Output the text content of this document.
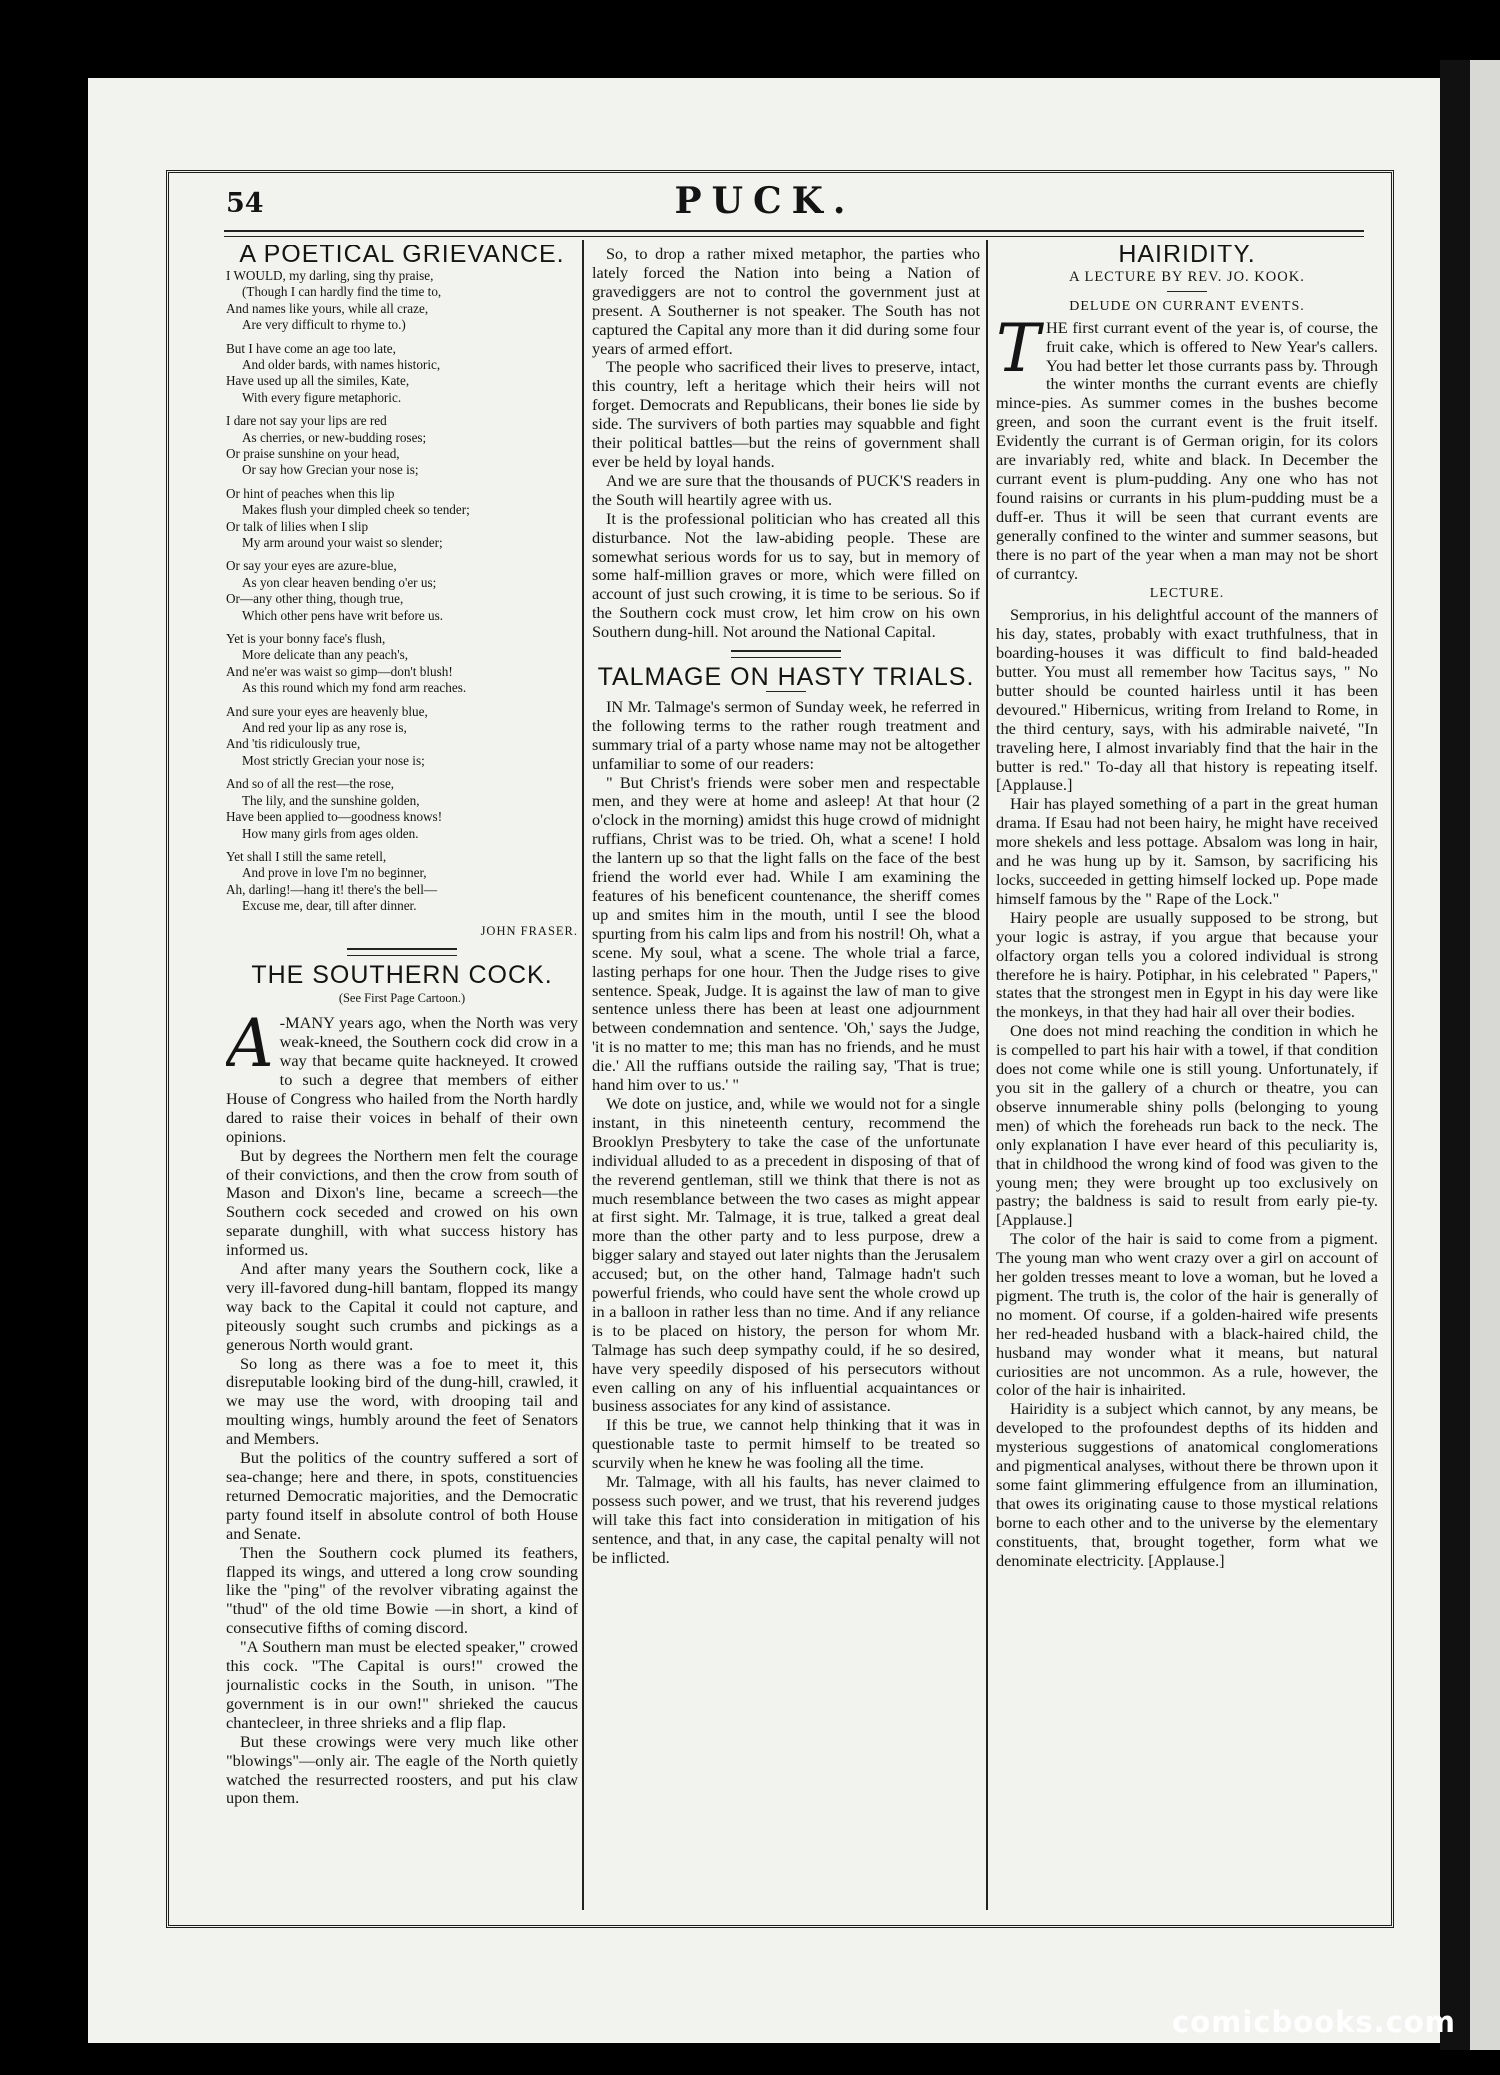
54	PUCK.
A POETICAL GRIEVANCE.
I WOULD, my darling, sing thy praise,
(Though I can hardly find the time to,
And names like yours, while all craze,
Are very difficult to rhyme to.)
But I have come an age too late,
And older bards, with names historic,
Have used up all the similes, Kate,
With every figure metaphoric.
I dare not say your lips are red
As cherries, or new-budding roses;
Or praise sunshine on your head,
Or say how Grecian your nose is;
Or hint of peaches when this lip
Makes flush your dimpled cheek so tender;
Or talk of lilies when I slip
My arm around your waist so slender;
Or say your eyes are azure-blue,
As yon clear heaven bending o'er us;
Or—any other thing, though true,
Which other pens have writ before us.
Yet is your bonny face's flush,
More delicate than any peach's,
And ne'er was waist so gimp—don't blush!
As this round which my fond arm reaches.
And sure your eyes are heavenly blue,
And red your lip as any rose is,
And 'tis ridiculously true,
Most strictly Grecian your nose is;
And so of all the rest—the rose,
The lily, and the sunshine golden,
Have been applied to—goodness knows!
How many girls from ages olden.
Yet shall I still the same retell,
And prove in love I'm no beginner,
Ah, darling!—hang it! there's the bell—
Excuse me, dear, till after dinner.
JOHN FRASER.
THE SOUTHERN COCK.
(See First Page Cartoon.)

A -MANY years ago, when the North was very weak-kneed, the Southern cock did crow in a way that became quite hackneyed. It crowed to such a degree that members of either House of Congress who hailed from the North hardly dared to raise their voices in behalf of their own opinions.

But by degrees the Northern men felt the courage of their convictions, and then the crow from south of Mason and Dixon's line, became a screech—the Southern cock seceded and crowed on his own separate dunghill, with what success history has informed us.

And after many years the Southern cock, like a very ill-favored dung-hill bantam, flopped its mangy way back to the Capital it could not capture, and piteously sought such crumbs and pickings as a generous North would grant.

So long as there was a foe to meet it, this disreputable looking bird of the dung-hill, crawled, it we may use the word, with drooping tail and moulting wings, humbly around the feet of Senators and Members.

But the politics of the country suffered a sort of sea-change; here and there, in spots, constituencies returned Democratic majorities, and the Democratic party found itself in absolute control of both House and Senate.

Then the Southern cock plumed its feathers, flapped its wings, and uttered a long crow sounding like the "ping" of the revolver vibrating against the "thud" of the old time Bowie —in short, a kind of consecutive fifths of coming discord.

"A Southern man must be elected speaker," crowed this cock. "The Capital is ours!" crowed the journalistic cocks in the South, in unison. "The government is in our own!" shrieked the caucus chantecleer, in three shrieks and a flip flap.

But these crowings were very much like other "blowings"—only air. The eagle of the North quietly watched the resurrected roosters, and put his claw upon them.

So, to drop a rather mixed metaphor, the parties who lately forced the Nation into being a Nation of gravediggers are not to control the government just at present. A Southerner is not speaker. The South has not captured the Capital any more than it did during some four years of armed effort.

The people who sacrificed their lives to preserve, intact, this country, left a heritage which their heirs will not forget. Democrats and Republicans, their bones lie side by side. The survivers of both parties may squabble and fight their political battles—but the reins of government shall ever be held by loyal hands.

And we are sure that the thousands of PUCK'S readers in the South will heartily agree with us.

It is the professional politician who has created all this disturbance. Not the law-abiding people. These are somewhat serious words for us to say, but in memory of some half-million graves or more, which were filled on account of just such crowing, it is time to be serious. So if the Southern cock must crow, let him crow on his own Southern dung-hill. Not around the National Capital.

TALMAGE ON HASTY TRIALS.

IN Mr. Talmage's sermon of Sunday week, he referred in the following terms to the rather rough treatment and summary trial of a party whose name may not be altogether unfamiliar to some of our readers:

" But Christ's friends were sober men and respectable men, and they were at home and asleep! At that hour (2 o'clock in the morning) amidst this huge crowd of midnight ruffians, Christ was to be tried. Oh, what a scene! I hold the lantern up so that the light falls on the face of the best friend the world ever had. While I am examining the features of his beneficent countenance, the sheriff comes up and smites him in the mouth, until I see the blood spurting from his calm lips and from his nostril! Oh, what a scene. My soul, what a scene. The whole trial a farce, lasting perhaps for one hour. Then the Judge rises to give sentence. Speak, Judge. It is against the law of man to give sentence unless there has been at least one adjournment between condemnation and sentence. 'Oh,' says the Judge, 'it is no matter to me; this man has no friends, and he must die.' All the ruffians outside the railing say, 'That is true; hand him over to us.' "

We dote on justice, and, while we would not for a single instant, in this nineteenth century, recommend the Brooklyn Presbytery to take the case of the unfortunate individual alluded to as a precedent in disposing of that of the reverend gentleman, still we think that there is not as much resemblance between the two cases as might appear at first sight. Mr. Talmage, it is true, talked a great deal more than the other party and to less purpose, drew a bigger salary and stayed out later nights than the Jerusalem accused; but, on the other hand, Talmage hadn't such powerful friends, who could have sent the whole crowd up in a balloon in rather less than no time. And if any reliance is to be placed on history, the person for whom Mr. Talmage has such deep sympathy could, if he so desired, have very speedily disposed of his persecutors without even calling on any of his influential acquaintances or business associates for any kind of assistance.

If this be true, we cannot help thinking that it was in questionable taste to permit himself to be treated so scurvily when he knew he was fooling all the time.

Mr. Talmage, with all his faults, has never claimed to possess such power, and we trust, that his reverend judges will take this fact into consideration in mitigation of his sentence, and that, in any case, the capital penalty will not be inflicted.

HAIRIDITY.
A LECTURE BY REV. JO. KOOK.
DELUDE ON CURRANT EVENTS.

THE first currant event of the year is, of course, the fruit cake, which is offered to New Year's callers. You had better let those currants pass by. Through the winter months the currant events are chiefly mince-pies. As summer comes in the bushes become green, and soon the currant event is the fruit itself. Evidently the currant is of German origin, for its colors are invariably red, white and black. In December the currant event is plum-pudding. Any one who has not found raisins or currants in his plum-pudding must be a duff-er. Thus it will be seen that currant events are generally confined to the winter and summer seasons, but there is no part of the year when a man may not be short of currantcy.

LECTURE.

Semprorius, in his delightful account of the manners of his day, states, probably with exact truthfulness, that in boarding-houses it was difficult to find bald-headed butter. You must all remember how Tacitus says, " No butter should be counted hairless until it has been devoured." Hibernicus, writing from Ireland to Rome, in the third century, says, with his admirable naiveté, "In traveling here, I almost invariably find that the hair in the butter is red." To-day all that history is repeating itself. [Applause.]

Hair has played something of a part in the great human drama. If Esau had not been hairy, he might have received more shekels and less pottage. Absalom was long in hair, and he was hung up by it. Samson, by sacrificing his locks, succeeded in getting himself locked up. Pope made himself famous by the " Rape of the Lock."

Hairy people are usually supposed to be strong, but your logic is astray, if you argue that because your olfactory organ tells you a colored individual is strong therefore he is hairy. Potiphar, in his celebrated " Papers," states that the strongest men in Egypt in his day were like the monkeys, in that they had hair all over their bodies.

One does not mind reaching the condition in which he is compelled to part his hair with a towel, if that condition does not come while one is still young. Unfortunately, if you sit in the gallery of a church or theatre, you can observe innumerable shiny polls (belonging to young men) of which the foreheads run back to the neck. The only explanation I have ever heard of this peculiarity is, that in childhood the wrong kind of food was given to the young men; they were brought up too exclusively on pastry; the baldness is said to result from early pie-ty. [Applause.]

The color of the hair is said to come from a pigment. The young man who went crazy over a girl on account of her golden tresses meant to love a woman, but he loved a pigment. The truth is, the color of the hair is generally of no moment. Of course, if a golden-haired wife presents her red-headed husband with a black-haired child, the husband may wonder what it means, but natural curiosities are not uncommon. As a rule, however, the color of the hair is inhairited.

Hairidity is a subject which cannot, by any means, be developed to the profoundest depths of its hidden and mysterious suggestions of anatomical conglomerations and pigmentical analyses, without there be thrown upon it some faint glimmering effulgence from an illumination, that owes its originating cause to those mystical relations borne to each other and to the universe by the elementary constituents, that, brought together, form what we denominate electricity. [Applause.]

comicbooks.com
